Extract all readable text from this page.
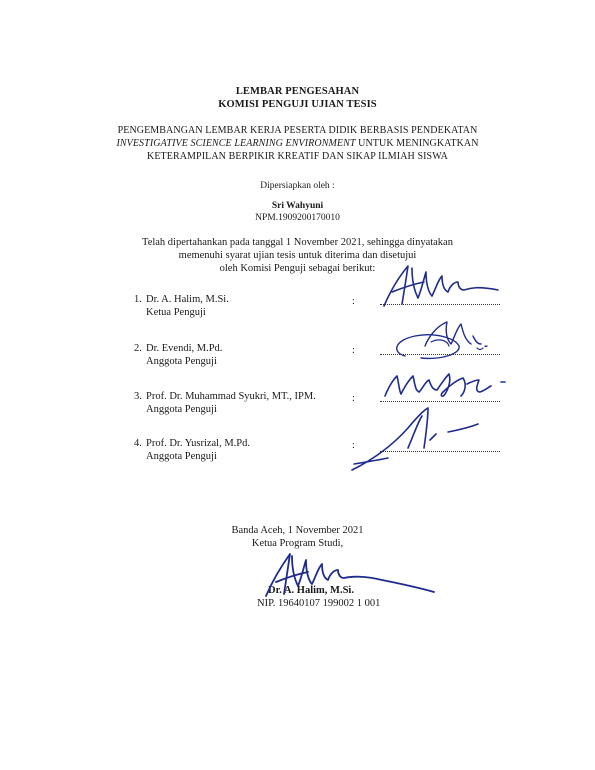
LEMBAR PENGESAHAN
KOMISI PENGUJI UJIAN TESIS
PENGEMBANGAN LEMBAR KERJA PESERTA DIDIK BERBASIS PENDEKATAN
INVESTIGATIVE SCIENCE LEARNING ENVIRONMENT UNTUK MENINGKATKAN
KETERAMPILAN BERPIKIR KREATIF DAN SIKAP ILMIAH SISWA
Dipersiapkan oleh :
Sri Wahyuni
NPM.1909200170010
Telah dipertahankan pada tanggal 1 November 2021, sehingga dinyatakan
memenuhi syarat ujian tesis untuk diterima dan disetujui
oleh Komisi Penguji sebagai berikut:
1. Dr. A. Halim, M.Si.
Ketua Penguji
:
2. Dr. Evendi, M.Pd.
Anggota Penguji
:
3. Prof. Dr. Muhammad Syukri, MT., IPM.
Anggota Penguji
:
4. Prof. Dr. Yusrizal, M.Pd.
Anggota Penguji
:
Banda Aceh, 1 November 2021
Ketua Program Studi,
Dr. A. Halim, M.Si.
NIP. 19640107 199002 1 001
